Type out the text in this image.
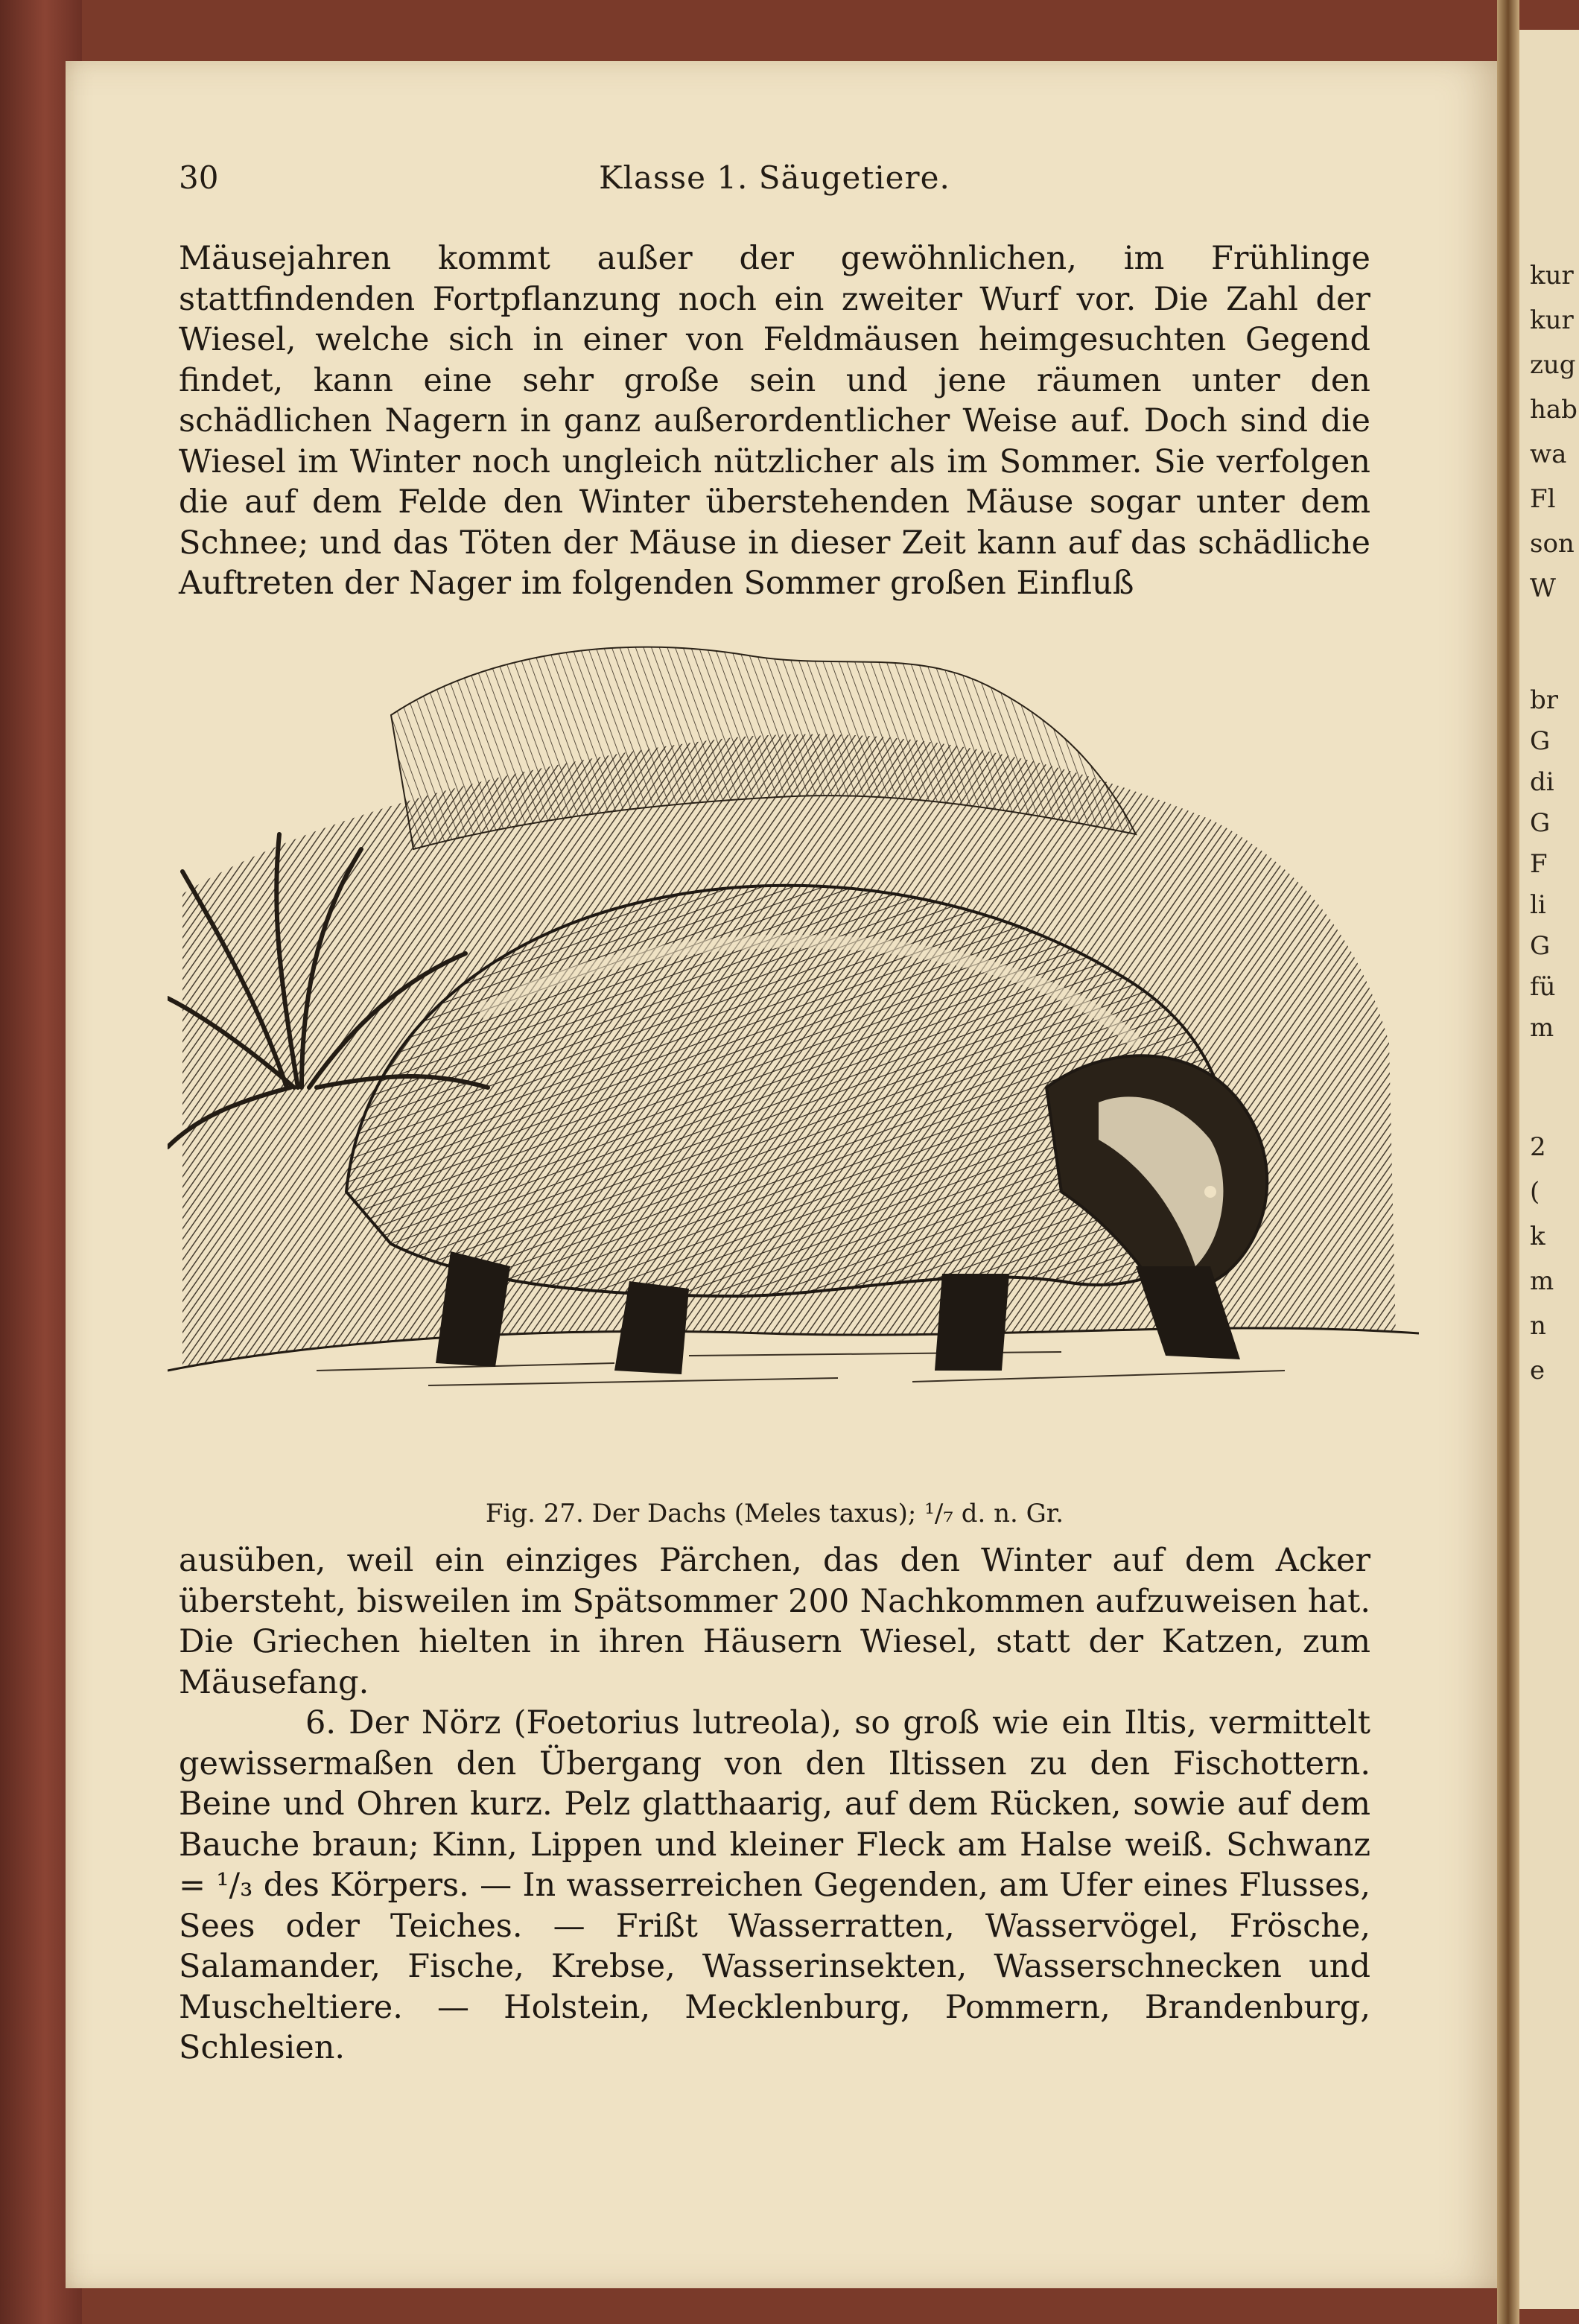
30	Klasse 1. Säugetiere.

Mäusejahren kommt außer der gewöhnlichen, im Frühlinge stattfindenden Fortpflanzung noch ein zweiter Wurf vor. Die Zahl der Wiesel, welche sich in einer von Feldmäusen heimgesuchten Gegend findet, kann eine sehr große sein und jene räumen unter den schädlichen Nagern in ganz außerordentlicher Weise auf. Doch sind die Wiesel im Winter noch ungleich nützlicher als im Sommer. Sie verfolgen die auf dem Felde den Winter überstehenden Mäuse sogar unter dem Schnee; und das Töten der Mäuse in dieser Zeit kann auf das schädliche Auftreten der Nager im folgenden Sommer großen Einfluß

Fig. 27. Der Dachs (Meles taxus); ¹/₇ d. n. Gr.

ausüben, weil ein einziges Pärchen, das den Winter auf dem Acker übersteht, bisweilen im Spätsommer 200 Nachkommen aufzuweisen hat. Die Griechen hielten in ihren Häusern Wiesel, statt der Katzen, zum Mäusefang.

6. Der Nörz (Foetorius lutreola), so groß wie ein Iltis, vermittelt gewissermaßen den Übergang von den Iltissen zu den Fischottern. Beine und Ohren kurz. Pelz glatthaarig, auf dem Rücken, sowie auf dem Bauche braun; Kinn, Lippen und kleiner Fleck am Halse weiß. Schwanz = ¹/₃ des Körpers. — In wasserreichen Gegenden, am Ufer eines Flusses, Sees oder Teiches. — Frißt Wasserratten, Wasservögel, Frösche, Salamander, Fische, Krebse, Wasserinsekten, Wasserschnecken und Muscheltiere. — Holstein, Mecklenburg, Pommern, Brandenburg, Schlesien.

kur
kur
zug
hab
wa
Fl
son
W
br
G
di
G
F
li
G
fü
m
2
(
k
m
n
e
